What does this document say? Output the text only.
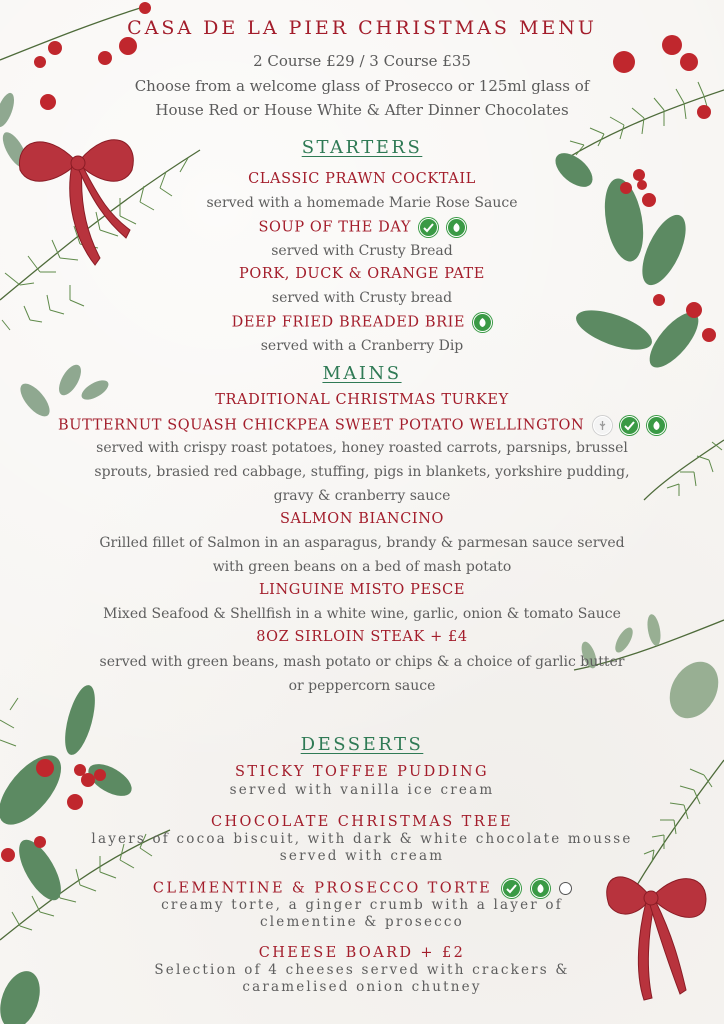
CASA DE LA PIER CHRISTMAS MENU
2 Course £29 / 3 Course £35
Choose from a welcome glass of Prosecco or 125ml glass of
House Red or House White & After Dinner Chocolates
STARTERS
CLASSIC PRAWN COCKTAIL
served with a homemade Marie Rose Sauce
SOUP OF THE DAY

served with Crusty Bread
PORK, DUCK & ORANGE PATE
served with Crusty bread
DEEP FRIED BREADED BRIE
served with a Cranberry Dip
MAINS
TRADITIONAL CHRISTMAS TURKEY
BUTTERNUT SQUASH CHICKPEA SWEET POTATO WELLINGTON

served with crispy roast potatoes, honey roasted carrots, parsnips, brussel
sprouts, brasied red cabbage, stuffing, pigs in blankets, yorkshire pudding,
gravy & cranberry sauce
SALMON BIANCINO
Grilled fillet of Salmon in an asparagus, brandy & parmesan sauce served
with green beans on a bed of mash potato
LINGUINE MISTO PESCE
Mixed Seafood & Shellfish in a white wine, garlic, onion & tomato Sauce
8OZ SIRLOIN STEAK + £4
served with green beans, mash potato or chips & a choice of garlic butter
or peppercorn sauce
DESSERTS
STICKY TOFFEE PUDDING
served with vanilla ice cream
CHOCOLATE CHRISTMAS TREE
layers of cocoa biscuit, with dark & white chocolate mousse
served with cream
CLEMENTINE & PROSECCO TORTE

creamy torte, a ginger crumb with a layer of
clementine & prosecco
CHEESE BOARD + £2
Selection of 4 cheeses served with crackers &
caramelised onion chutney
